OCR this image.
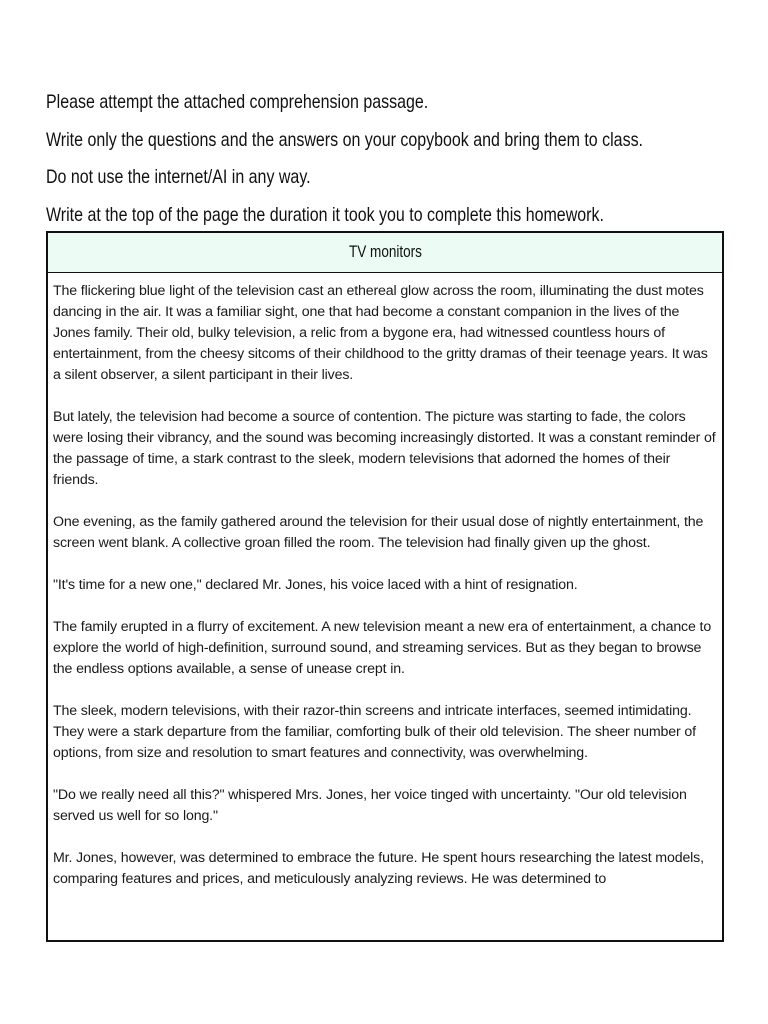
Please attempt the attached comprehension passage.

Write only the questions and the answers on your copybook and bring them to class.

Do not use the internet/AI in any way.

Write at the top of the page the duration it took you to complete this homework.

TV monitors

The flickering blue light of the television cast an ethereal glow across the room, illuminating the dust motes dancing in the air. It was a familiar sight, one that had become a constant companion in the lives of the Jones family. Their old, bulky television, a relic from a bygone era, had witnessed countless hours of entertainment, from the cheesy sitcoms of their childhood to the gritty dramas of their teenage years. It was a silent observer, a silent participant in their lives.

But lately, the television had become a source of contention. The picture was starting to fade, the colors were losing their vibrancy, and the sound was becoming increasingly distorted. It was a constant reminder of the passage of time, a stark contrast to the sleek, modern televisions that adorned the homes of their friends.

One evening, as the family gathered around the television for their usual dose of nightly entertainment, the screen went blank. A collective groan filled the room. The television had finally given up the ghost.

"It's time for a new one," declared Mr. Jones, his voice laced with a hint of resignation.

The family erupted in a flurry of excitement. A new television meant a new era of entertainment, a chance to explore the world of high-definition, surround sound, and streaming services. But as they began to browse the endless options available, a sense of unease crept in.

The sleek, modern televisions, with their razor-thin screens and intricate interfaces, seemed intimidating. They were a stark departure from the familiar, comforting bulk of their old television. The sheer number of options, from size and resolution to smart features and connectivity, was overwhelming.

"Do we really need all this?" whispered Mrs. Jones, her voice tinged with uncertainty. "Our old television served us well for so long."

Mr. Jones, however, was determined to embrace the future. He spent hours researching the latest models, comparing features and prices, and meticulously analyzing reviews. He was determined to
